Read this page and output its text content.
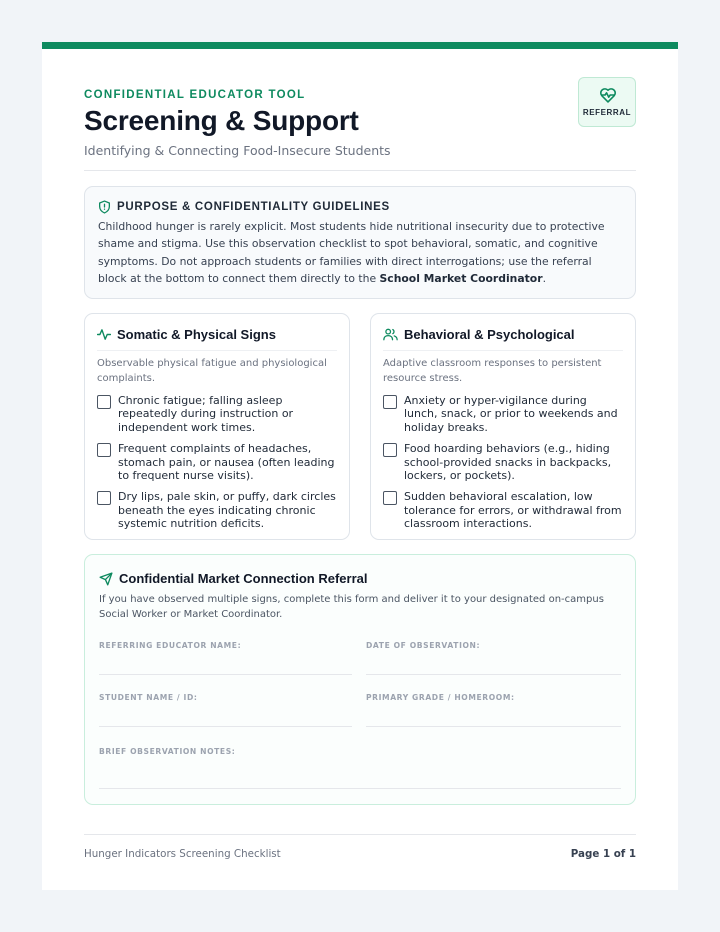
CONFIDENTIAL EDUCATOR TOOL
Screening & Support
Identifying & Connecting Food-Insecure Students
REFERRAL
PURPOSE & CONFIDENTIALITY GUIDELINES

Childhood hunger is rarely explicit. Most students hide nutritional insecurity due to protective shame and stigma. Use this observation checklist to spot behavioral, somatic, and cognitive symptoms. Do not approach students or families with direct interrogations; use the referral block at the bottom to connect them directly to the School Market Coordinator.

Somatic & Physical Signs

Observable physical fatigue and physiological complaints.

Chronic fatigue; falling asleep repeatedly during instruction or independent work times.
Frequent complaints of headaches, stomach pain, or nausea (often leading to frequent nurse visits).
Dry lips, pale skin, or puffy, dark circles beneath the eyes indicating chronic systemic nutrition deficits.
Behavioral & Psychological

Adaptive classroom responses to persistent resource stress.

Anxiety or hyper-vigilance during lunch, snack, or prior to weekends and holiday breaks.
Food hoarding behaviors (e.g., hiding school-provided snacks in backpacks, lockers, or pockets).
Sudden behavioral escalation, low tolerance for errors, or withdrawal from classroom interactions.
Confidential Market Connection Referral

If you have observed multiple signs, complete this form and deliver it to your designated on-campus Social Worker or Market Coordinator.

REFERRING EDUCATOR NAME:	DATE OF OBSERVATION:
STUDENT NAME / ID:	PRIMARY GRADE / HOMEROOM:
BRIEF OBSERVATION NOTES:
Hunger Indicators Screening Checklist	Page 1 of 1
